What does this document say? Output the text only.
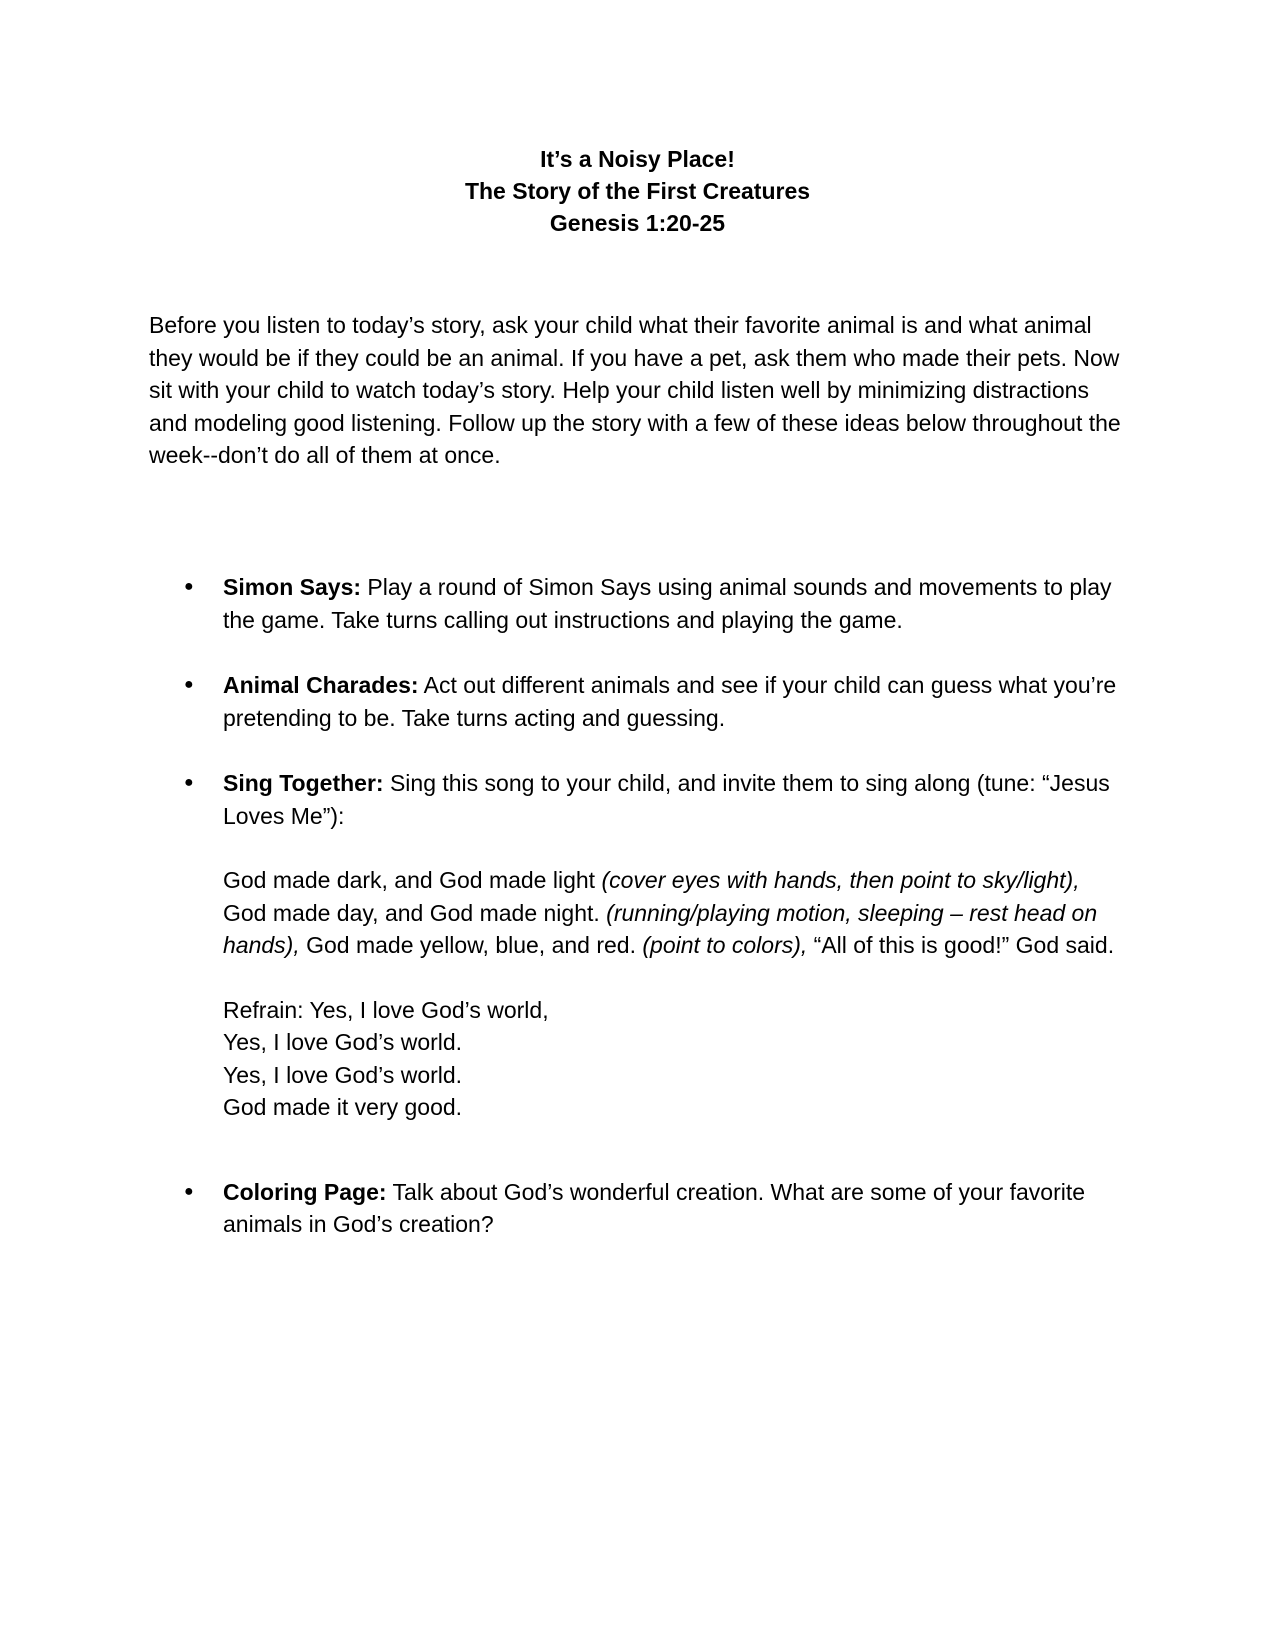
It’s a Noisy Place!
The Story of the First Creatures
Genesis 1:20-25

Before you listen to today’s story, ask your child what their favorite animal is and what animal they would be if they could be an animal. If you have a pet, ask them who made their pets. Now sit with your child to watch today’s story. Help your child listen well by minimizing distractions and modeling good listening. Follow up the story with a few of these ideas below throughout the week--don’t do all of them at once.

● Simon Says: Play a round of Simon Says using animal sounds and movements to play the game. Take turns calling out instructions and playing the game.
● Animal Charades: Act out different animals and see if your child can guess what you’re pretending to be. Take turns acting and guessing.
● Sing Together: Sing this song to your child, and invite them to sing along (tune: “Jesus Loves Me”):
God made dark, and God made light (cover eyes with hands, then point to sky/light), God made day, and God made night. (running/playing motion, sleeping – rest head on hands), God made yellow, blue, and red. (point to colors), “All of this is good!” God said.
Refrain: Yes, I love God’s world,
Yes, I love God’s world.
Yes, I love God’s world.
God made it very good.
● Coloring Page: Talk about God’s wonderful creation. What are some of your favorite animals in God’s creation?
